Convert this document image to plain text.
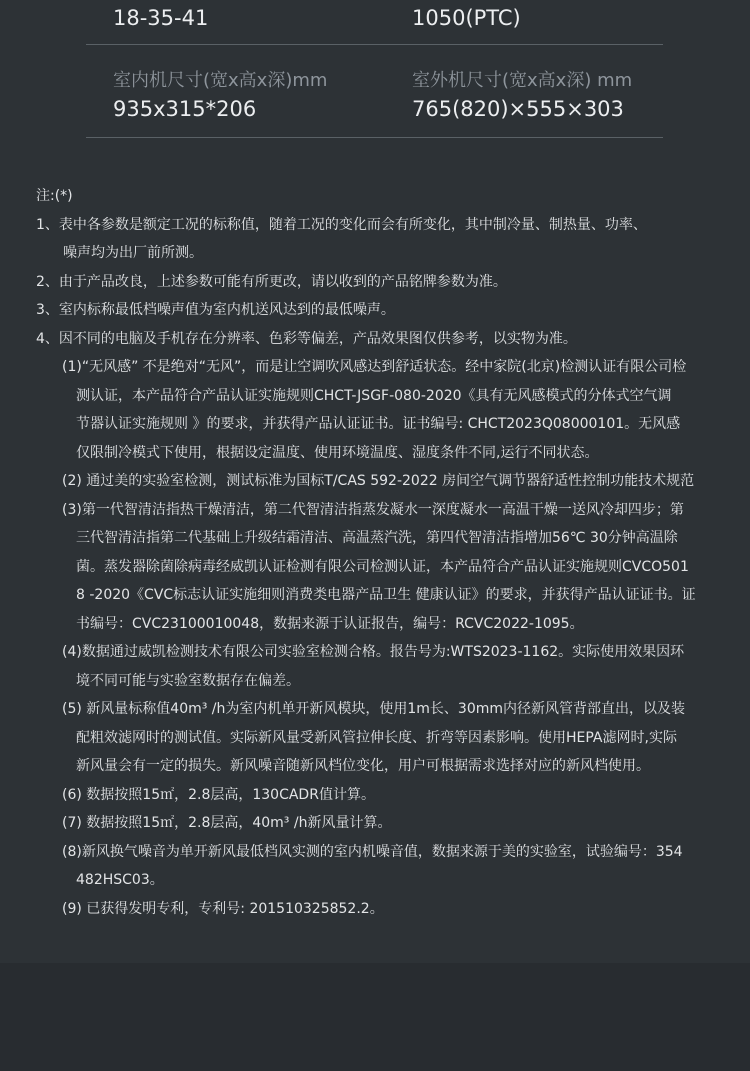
18-35-41	1050(PTC)
室内机尺寸(宽x高x深)mm
935x315*206
室外机尺寸(宽x高x深) mm
765(820)×555×303
注:(*)
1、表中各参数是额定工况的标称值，随着工况的变化而会有所变化，其中制冷量、制热量、功率、
噪声均为出厂前所测。
2、由于产品改良，上述参数可能有所更改，请以收到的产品铭牌参数为准。
3、室内标称最低档噪声值为室内机送风达到的最低噪声。
4、因不同的电脑及手机存在分辨率、色彩等偏差，产品效果图仅供参考，以实物为准。
(1)“无风感” 不是绝对“无风”，而是让空调吹风感达到舒适状态。经中家院(北京)检测认证有限公司检
测认证，本产品符合产品认证实施规则CHCT-JSGF-080-2020《具有无风感模式的分体式空气调
节器认证实施规则 》的要求，并获得产品认证证书。证书编号: CHCT2023Q08000101。无风感
仅限制冷模式下使用，根据设定温度、使用环境温度、湿度条件不同,运行不同状态。
(2) 通过美的实验室检测，测试标准为国标T/CAS 592-2022 房间空气调节器舒适性控制功能技术规范
(3)第一代智清洁指热干燥清洁，第二代智清洁指蒸发凝水一深度凝水一高温干燥一送风冷却四步；第
三代智清洁指第二代基础上升级结霜清洁、高温蒸汽洗，第四代智清洁指增加56℃ 30分钟高温除
菌。蒸发器除菌除病毒经威凯认证检测有限公司检测认证，本产品符合产品认证实施规则CVCO501
8 -2020《CVC标志认证实施细则消费类电器产品卫生 健康认证》的要求，并获得产品认证证书。证
书编号：CVC23100010048，数据来源于认证报告，编号：RCVC2022-1095。
(4)数据通过威凯检测技术有限公司实验室检测合格。报告号为:WTS2023-1162。实际使用效果因环
境不同可能与实验室数据存在偏差。
(5) 新风量标称值40m³ /h为室内机单开新风模块，使用1m长、30mm内径新风管背部直出，以及装
配粗效滤网时的测试值。实际新风量受新风管拉伸长度、折弯等因素影响。使用HEPA滤网时,实际
新风量会有一定的损失。新风噪音随新风档位变化，用户可根据需求选择对应的新风档使用。
(6) 数据按照15㎡，2.8层高，130CADR值计算。
(7) 数据按照15㎡，2.8层高，40m³ /h新风量计算。
(8)新风换气噪音为单开新风最低档风实测的室内机噪音值，数据来源于美的实验室，试验编号：354
482HSC03。
(9) 已获得发明专利，专利号: 201510325852.2。
